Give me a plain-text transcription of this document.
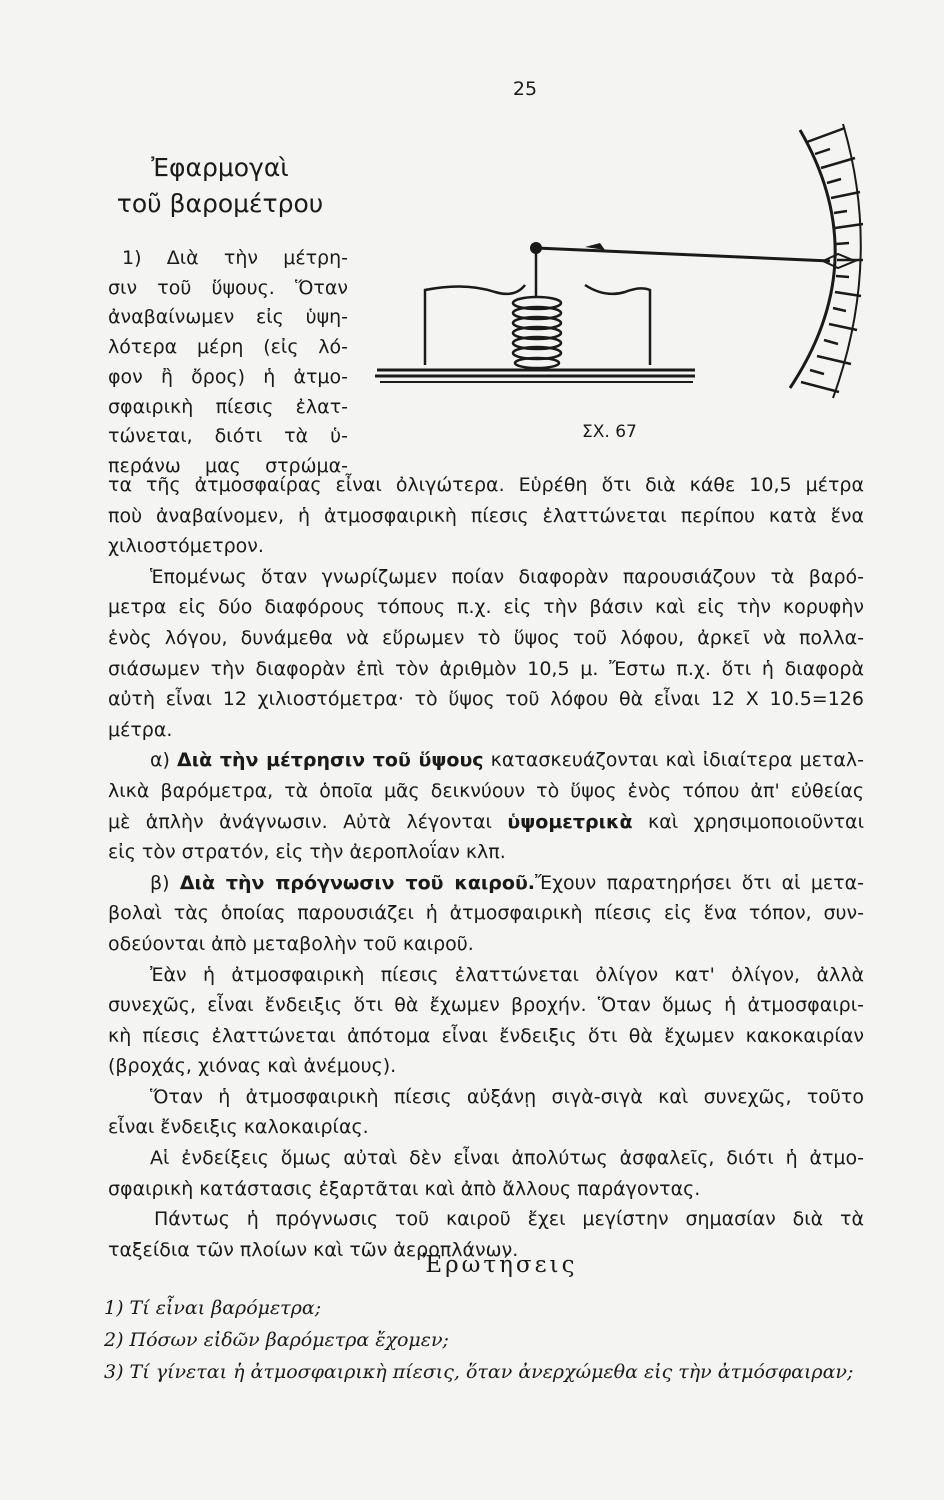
25
Ἐφαρμογαὶ
τοῦ βαρομέτρου
1) Διὰ τὴν μέτρη-
σιν τοῦ ὕψους. Ὅταν
ἀναβαίνωμεν εἰς ὑψη-
λότερα μέρη (εἰς λό-
φον ἢ ὄρος) ἡ ἀτμο-
σφαιρικὴ πίεσις ἐλατ-
τώνεται, διότι τὰ ὑ-
περάνω μας στρώμα-
ΣΧ. 67
τα τῆς ἀτμοσφαίρας εἶναι ὀλιγώτερα. Εὑρέθη ὅτι διὰ κάθε 10,5 μέτρα
ποὺ ἀναβαίνομεν, ἡ ἀτμοσφαιρικὴ πίεσις ἐλαττώνεται περίπου κατὰ ἕνα
χιλιοστόμετρον.
Ἑπομένως ὅταν γνωρίζωμεν ποίαν διαφορὰν παρουσιάζουν τὰ βαρό-
μετρα εἰς δύο διαφόρους τόπους π.χ. εἰς τὴν βάσιν καὶ εἰς τὴν κορυφὴν
ἑνὸς λόγου, δυνάμεθα νὰ εὕρωμεν τὸ ὕψος τοῦ λόφου, ἀρκεῖ νὰ πολλα-
σιάσωμεν τὴν διαφορὰν ἐπὶ τὸν ἀριθμὸν 10,5 μ. Ἔστω π.χ. ὅτι ἡ διαφορὰ
αὐτὴ εἶναι 12 χιλιοστόμετρα· τὸ ὕψος τοῦ λόφου θὰ εἶναι 12 X 10.5=126
μέτρα.
α) Διὰ τὴν μέτρησιν τοῦ ὕψους κατασκευάζονται καὶ ἰδιαίτερα μεταλ-
λικὰ βαρόμετρα, τὰ ὁποῖα μᾶς δεικνύουν τὸ ὕψος ἑνὸς τόπου ἀπ' εὐθείας
μὲ ἁπλὴν ἀνάγνωσιν. Αὐτὰ λέγονται ὑψομετρικὰ καὶ χρησιμοποιοῦνται
εἰς τὸν στρατόν, εἰς τὴν ἀεροπλοΐαν κλπ.
β) Διὰ τὴν πρόγνωσιν τοῦ καιροῦ.Ἔχουν παρατηρήσει ὅτι αἱ μετα-
βολαὶ τὰς ὁποίας παρουσιάζει ἡ ἀτμοσφαιρικὴ πίεσις εἰς ἕνα τόπον, συν-
οδεύονται ἀπὸ μεταβολὴν τοῦ καιροῦ.
Ἐὰν ἡ ἀτμοσφαιρικὴ πίεσις ἐλαττώνεται ὀλίγον κατ' ὀλίγον, ἀλλὰ
συνεχῶς, εἶναι ἔνδειξις ὅτι θὰ ἔχωμεν βροχήν. Ὅταν ὅμως ἡ ἀτμοσφαιρι-
κὴ πίεσις ἐλαττώνεται ἀπότομα εἶναι ἔνδειξις ὅτι θὰ ἔχωμεν κακοκαιρίαν
(βροχάς, χιόνας καὶ ἀνέμους).
Ὅταν ἡ ἀτμοσφαιρικὴ πίεσις αὐξάνῃ σιγὰ-σιγὰ καὶ συνεχῶς, τοῦτο
εἶναι ἔνδειξις καλοκαιρίας.
Αἱ ἐνδείξεις ὅμως αὐταὶ δὲν εἶναι ἀπολύτως ἀσφαλεῖς, διότι ἡ ἀτμο-
σφαιρικὴ κατάστασις ἐξαρτᾶται καὶ ἀπὸ ἄλλους παράγοντας.
Πάντως ἡ πρόγνωσις τοῦ καιροῦ ἔχει μεγίστην σημασίαν διὰ τὰ
ταξείδια τῶν πλοίων καὶ τῶν ἀεροπλάνων.
Ἐρωτήσεις
1) Τί εἶναι βαρόμετρα;
2) Πόσων εἰδῶν βαρόμετρα ἔχομεν;
3) Τί γίνεται ἡ ἀτμοσφαιρικὴ πίεσις, ὅταν ἀνερχώμεθα εἰς τὴν ἀτμόσφαιραν;
